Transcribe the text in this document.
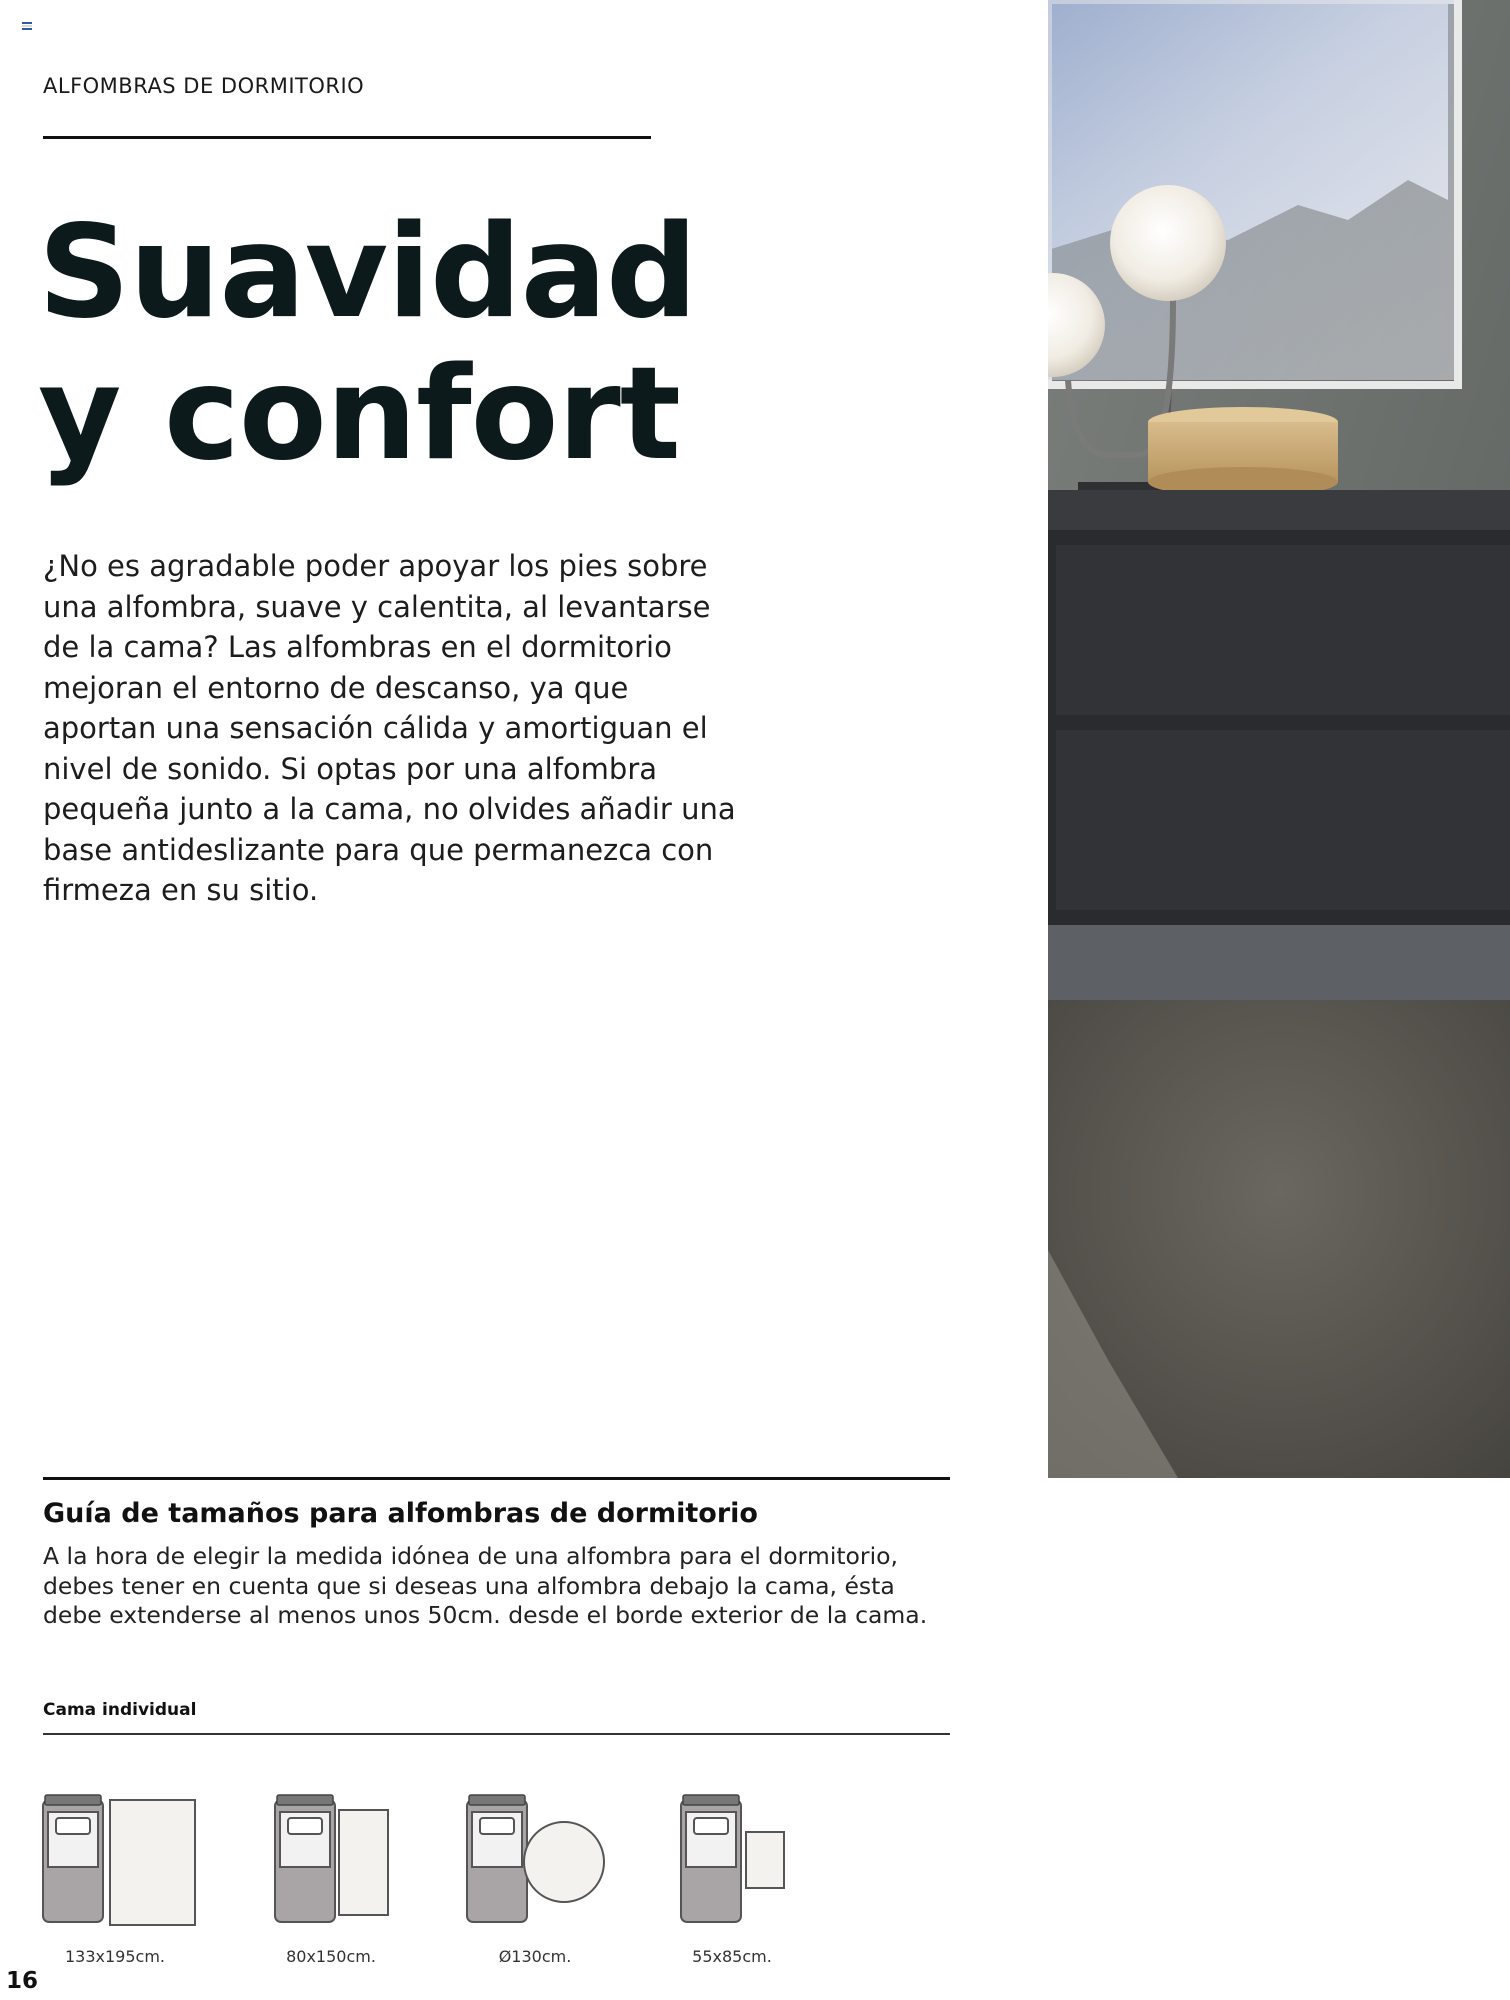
ALFOMBRAS DE DORMITORIO
Suavidad
y confort
¿No es agradable poder apoyar los pies sobre una alfombra, suave y calentita, al levantarse de la cama? Las alfombras en el dormitorio mejoran el entorno de descanso, ya que aportan una sensación cálida y amortiguan el nivel de sonido. Si optas por una alfombra pequeña junto a la cama, no olvides añadir una base antideslizante para que permanezca con firmeza en su sitio.
Guía de tamaños para alfombras de dormitorio
A la hora de elegir la medida idónea de una alfombra para el dormitorio, debes tener en cuenta que si deseas una alfombra debajo la cama, ésta debe extenderse al menos unos 50cm. desde el borde exterior de la cama.
Cama individual
133x195cm.	80x150cm.	Ø130cm.	55x85cm.
16
